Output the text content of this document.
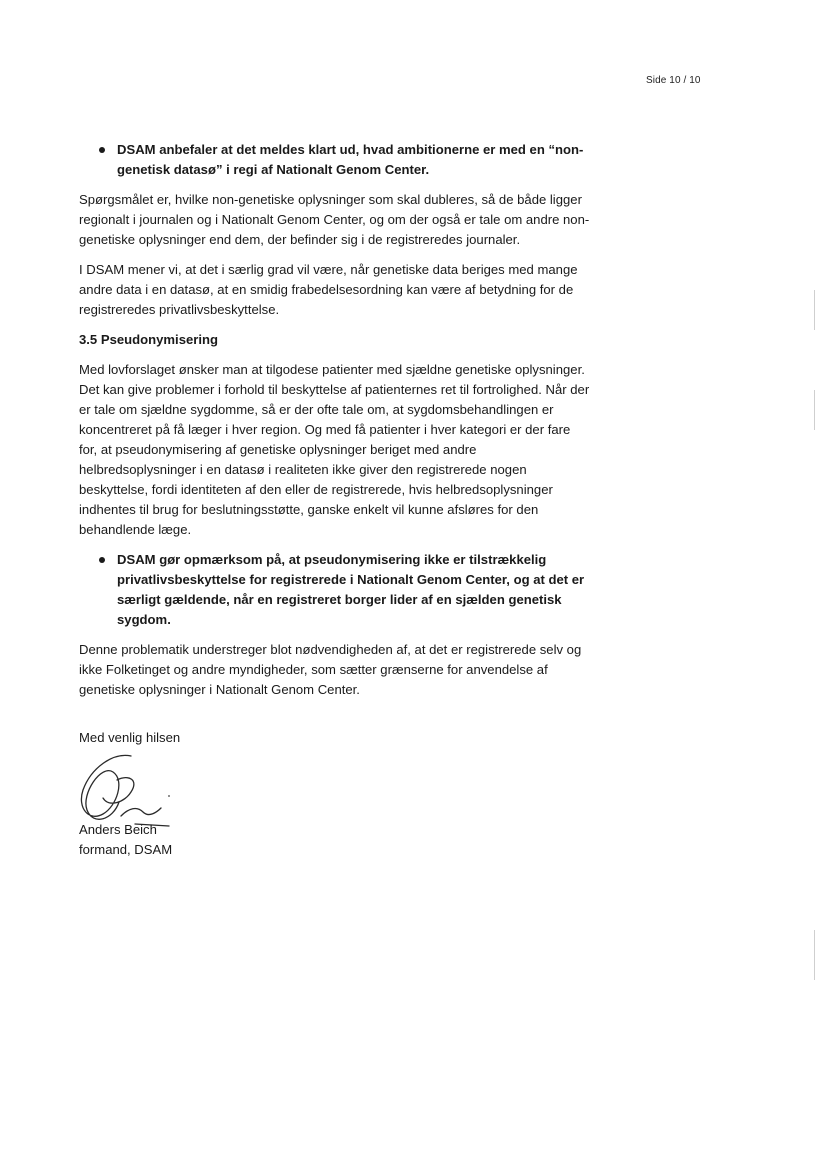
Side 10 / 10

DSAM anbefaler at det meldes klart ud, hvad ambitionerne er med en “non-genetisk datasø” i regi af Nationalt Genom Center.

Spørgsmålet er, hvilke non-genetiske oplysninger som skal dubleres, så de både ligger regionalt i journalen og i Nationalt Genom Center, og om der også er tale om andre non-genetiske oplysninger end dem, der befinder sig i de registreredes journaler.

I DSAM mener vi, at det i særlig grad vil være, når genetiske data beriges med mange andre data i en datasø, at en smidig frabedelsesordning kan være af betydning for de registreredes privatlivsbeskyttelse.

3.5 Pseudonymisering

Med lovforslaget ønsker man at tilgodese patienter med sjældne genetiske oplysninger. Det kan give problemer i forhold til beskyttelse af patienternes ret til fortrolighed. Når der er tale om sjældne sygdomme, så er der ofte tale om, at sygdomsbehandlingen er koncentreret på få læger i hver region. Og med få patienter i hver kategori er der fare for, at pseudonymisering af genetiske oplysninger beriget med andre helbredsoplysninger i en datasø i realiteten ikke giver den registrerede nogen beskyttelse, fordi identiteten af den eller de registrerede, hvis helbredsoplysninger indhentes til brug for beslutningsstøtte, ganske enkelt vil kunne afsløres for den behandlende læge.

DSAM gør opmærksom på, at pseudonymisering ikke er tilstrækkelig privatlivsbeskyttelse for registrerede i Nationalt Genom Center, og at det er særligt gældende, når en registreret borger lider af en sjælden genetisk sygdom.

Denne problematik understreger blot nødvendigheden af, at det er registrerede selv og ikke Folketinget og andre myndigheder, som sætter grænserne for anvendelse af genetiske oplysninger i Nationalt Genom Center.

Med venlig hilsen
Anders Beich
formand, DSAM
